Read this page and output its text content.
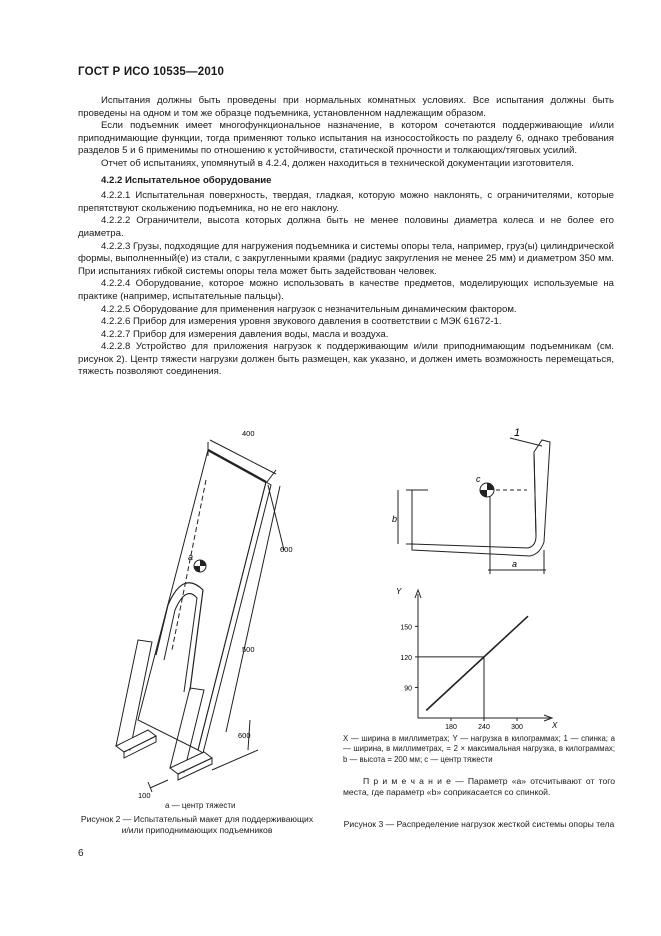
ГОСТ Р ИСО 10535—2010

Испытания должны быть проведены при нормальных комнатных условиях. Все испытания должны быть проведены на одном и том же образце подъемника, установленном надлежащим образом.

Если подъемник имеет многофункциональное назначение, в котором сочетаются поддерживающие и/или приподнимающие функции, тогда применяют только испытания на износостойкость по разделу 6, однако требования разделов 5 и 6 применимы по отношению к устойчивости, статической прочности и толкающих/тяговых усилий.

Отчет об испытаниях, упомянутый в 4.2.4, должен находиться в технической документации изготовителя.

4.2.2 Испытательное оборудование

4.2.2.1 Испытательная поверхность, твердая, гладкая, которую можно наклонять, с ограничителями, которые препятствуют скольжению подъемника, но не его наклону.

4.2.2.2 Ограничители, высота которых должна быть не менее половины диаметра колеса и не более его диаметра.

4.2.2.3 Грузы, подходящие для нагружения подъемника и системы опоры тела, например, груз(ы) цилиндрической формы, выполненный(е) из стали, с закругленными краями (радиус закругления не менее 25 мм) и диаметром 350 мм. При испытаниях гибкой системы опоры тела может быть задействован человек.

4.2.2.4 Оборудование, которое можно использовать в качестве предметов, моделирующих используемые на практике (например, испытательные пальцы).

4.2.2.5 Оборудование для применения нагрузок с незначительным динамическим фактором.

4.2.2.6 Прибор для измерения уровня звукового давления в соответствии с МЭК 61672-1.

4.2.2.7 Прибор для измерения давления воды, масла и воздуха.

4.2.2.8 Устройство для приложения нагрузок к поддерживающим и/или приподнимающим подъемникам (см. рисунок 2). Центр тяжести нагрузки должен быть размещен, как указано, и должен иметь возможность перемещаться, тяжесть позволяют соединения.

400
600
500
600
100
a
a — центр тяжести
Рисунок 2 — Испытательный макет для поддерживающих и/или приподнимающих подъемников
1
c
b
a
Y
X
150
120
90
180	240	300
X — ширина в миллиметрах; Y — нагрузка в килограммах; 1 — спинка; a — ширина, в миллиметрах, = 2 × максимальная нагрузка, в килограммах; b — высота = 200 мм; c — центр тяжести
П р и м е ч а н и е — Параметр «a» отсчитывают от того места, где параметр «b» соприкасается со спинкой.
Рисунок 3 — Распределение нагрузок жесткой системы опоры тела
6
